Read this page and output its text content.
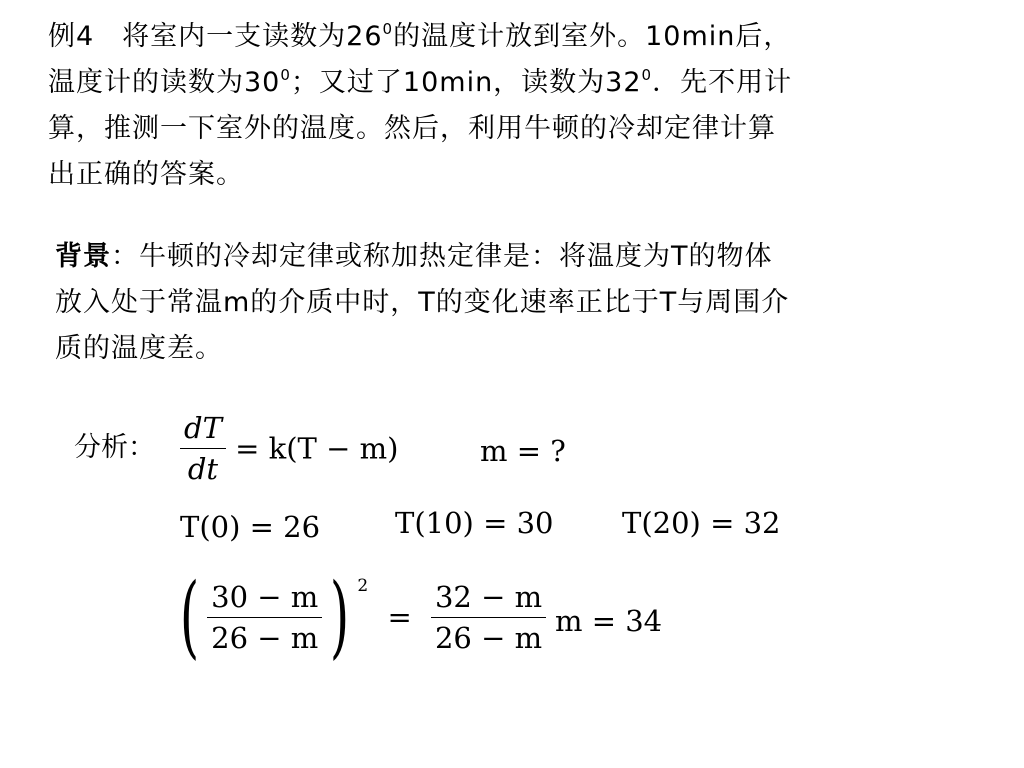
例4　将室内一支读数为$26^0$的温度计放到室外。10min后，
温度计的读数为$30^0$；又过了10min，读数为$32^0$．先不用计
算，推测一下室外的温度。然后，利用牛顿的冷却定律计算
出正确的答案。
背景：牛顿的冷却定律或称加热定律是：将温度为T的物体
放入处于常温m的介质中时，T的变化速率正比于T与周围介
质的温度差。
分析： $\frac{dT}{dt} = k(T - m)$	m = ?
T(0) = 26	T(10) = 30 T(20) = 32
( $\frac{30 - m}{26 - m}$ ) $^2 = \frac{32 - m}{26 - m}$ m = 34
